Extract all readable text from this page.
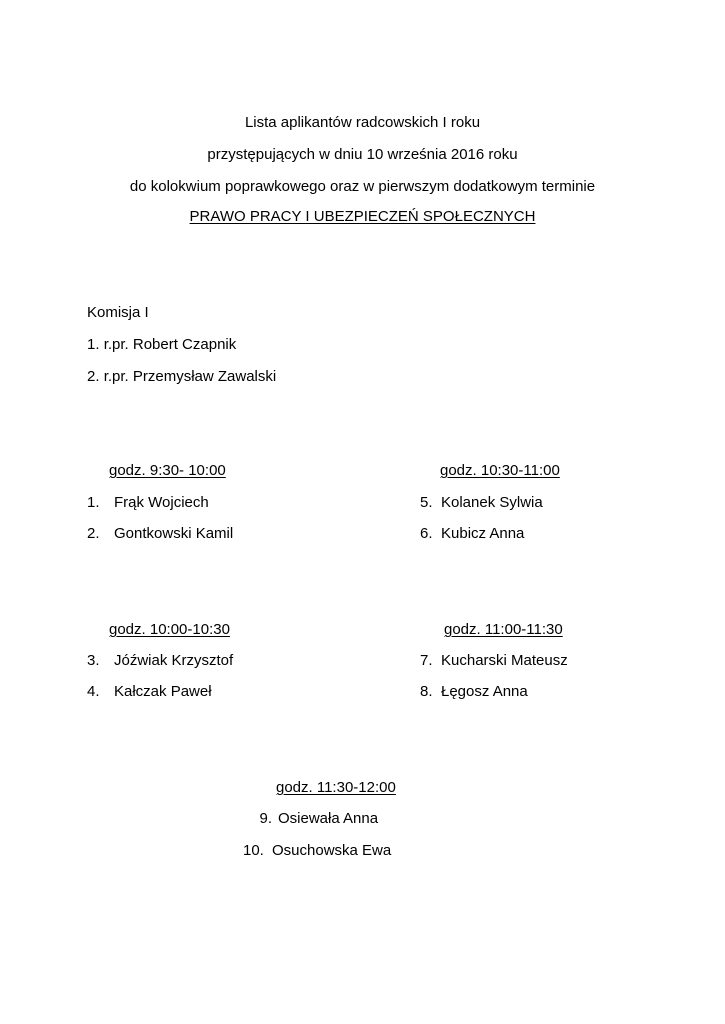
Lista aplikantów radcowskich I roku
przystępujących w dniu 10 września 2016 roku
do kolokwium poprawkowego oraz w pierwszym dodatkowym terminie
PRAWO PRACY I UBEZPIECZEŃ SPOŁECZNYCH
Komisja I
1. r.pr. Robert Czapnik
2. r.pr. Przemysław Zawalski
godz. 9:30- 10:00
1. Frąk Wojciech
2. Gontkowski Kamil
godz. 10:30-11:00
5. Kolanek Sylwia
6. Kubicz Anna
godz. 10:00-10:30
3. Jóźwiak Krzysztof
4. Kałczak Paweł
godz. 11:00-11:30
7. Kucharski Mateusz
8. Łęgosz Anna
godz. 11:30-12:00
9. Osiewała Anna
10. Osuchowska Ewa
